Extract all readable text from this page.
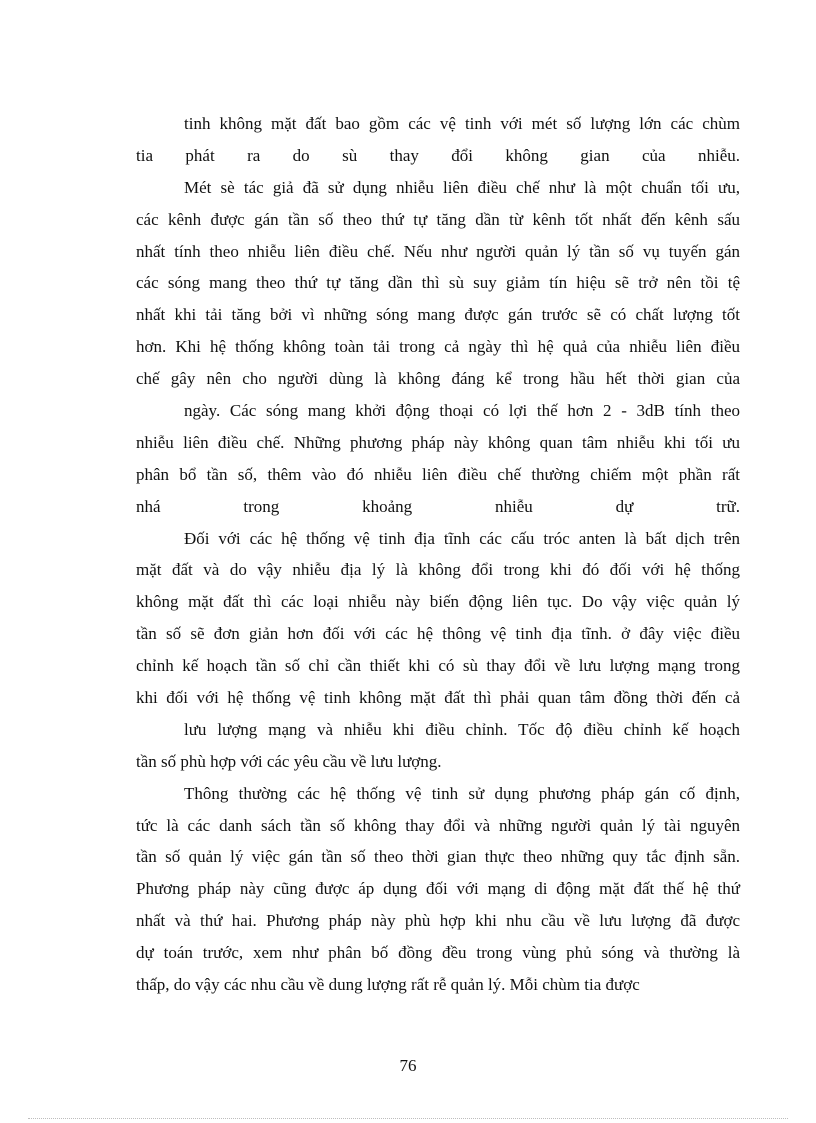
tinh không mặt đất bao gồm các vệ tinh với mét số lượng lớn các chùm
tia phát ra do sù thay đổi không gian của nhiễu.
Mét sè tác giả đã sử dụng nhiễu liên điều chế như là một chuẩn tối ưu,
các kênh được gán tần số theo thứ tự tăng dần từ kênh tốt nhất đến kênh sấu
nhất tính theo nhiễu liên điều chế. Nếu như người quản lý tần số vụ tuyến gán
các sóng mang theo thứ tự tăng dần thì sù suy giảm tín hiệu sẽ trở nên tồi tệ
nhất khi tải tăng bởi vì những sóng mang được gán trước sẽ có chất lượng tốt
hơn. Khi hệ thống không toàn tải trong cả ngày thì hệ quả của nhiễu liên điều
chế gây nên cho người dùng là không đáng kể trong hầu hết thời gian của
ngày. Các sóng mang khởi động thoại có lợi thế hơn 2 - 3dB tính theo
nhiễu liên điều chế. Những phương pháp này không quan tâm nhiễu khi tối ưu
phân bổ tần số, thêm vào đó nhiễu liên điều chế thường chiếm một phần rất
nhá trong khoảng nhiễu dự trữ.
Đối với các hệ thống vệ tinh địa tĩnh các cấu tróc anten là bất dịch trên
mặt đất và do vậy nhiễu địa lý là không đổi trong khi đó đối với hệ thống
không mặt đất thì các loại nhiễu này biến động liên tục. Do vậy việc quản lý
tần số sẽ đơn giản hơn đối với các hệ thông vệ tinh địa tĩnh. ở đây việc điều
chỉnh kế hoạch tần số chỉ cần thiết khi có sù thay đổi về lưu lượng mạng trong
khi đối với hệ thống vệ tinh không mặt đất thì phải quan tâm đồng thời đến cả
lưu lượng mạng và nhiễu khi điều chỉnh. Tốc độ điều chỉnh kế hoạch
tần số phù hợp với các yêu cầu về lưu lượng.
Thông thường các hệ thống vệ tinh sử dụng phương pháp gán cố định,
tức là các danh sách tần số không thay đổi và những người quản lý tài nguyên
tần số quản lý việc gán tần số theo thời gian thực theo những quy tắc định sẵn.
Phương pháp này cũng được áp dụng đối với mạng di động mặt đất thế hệ thứ
nhất và thứ hai. Phương pháp này phù hợp khi nhu cầu về lưu lượng đã được
dự toán trước, xem như phân bố đồng đều trong vùng phủ sóng và thường là
thấp, do vậy các nhu cầu về dung lượng rất rễ quản lý. Mỗi chùm tia được
76
